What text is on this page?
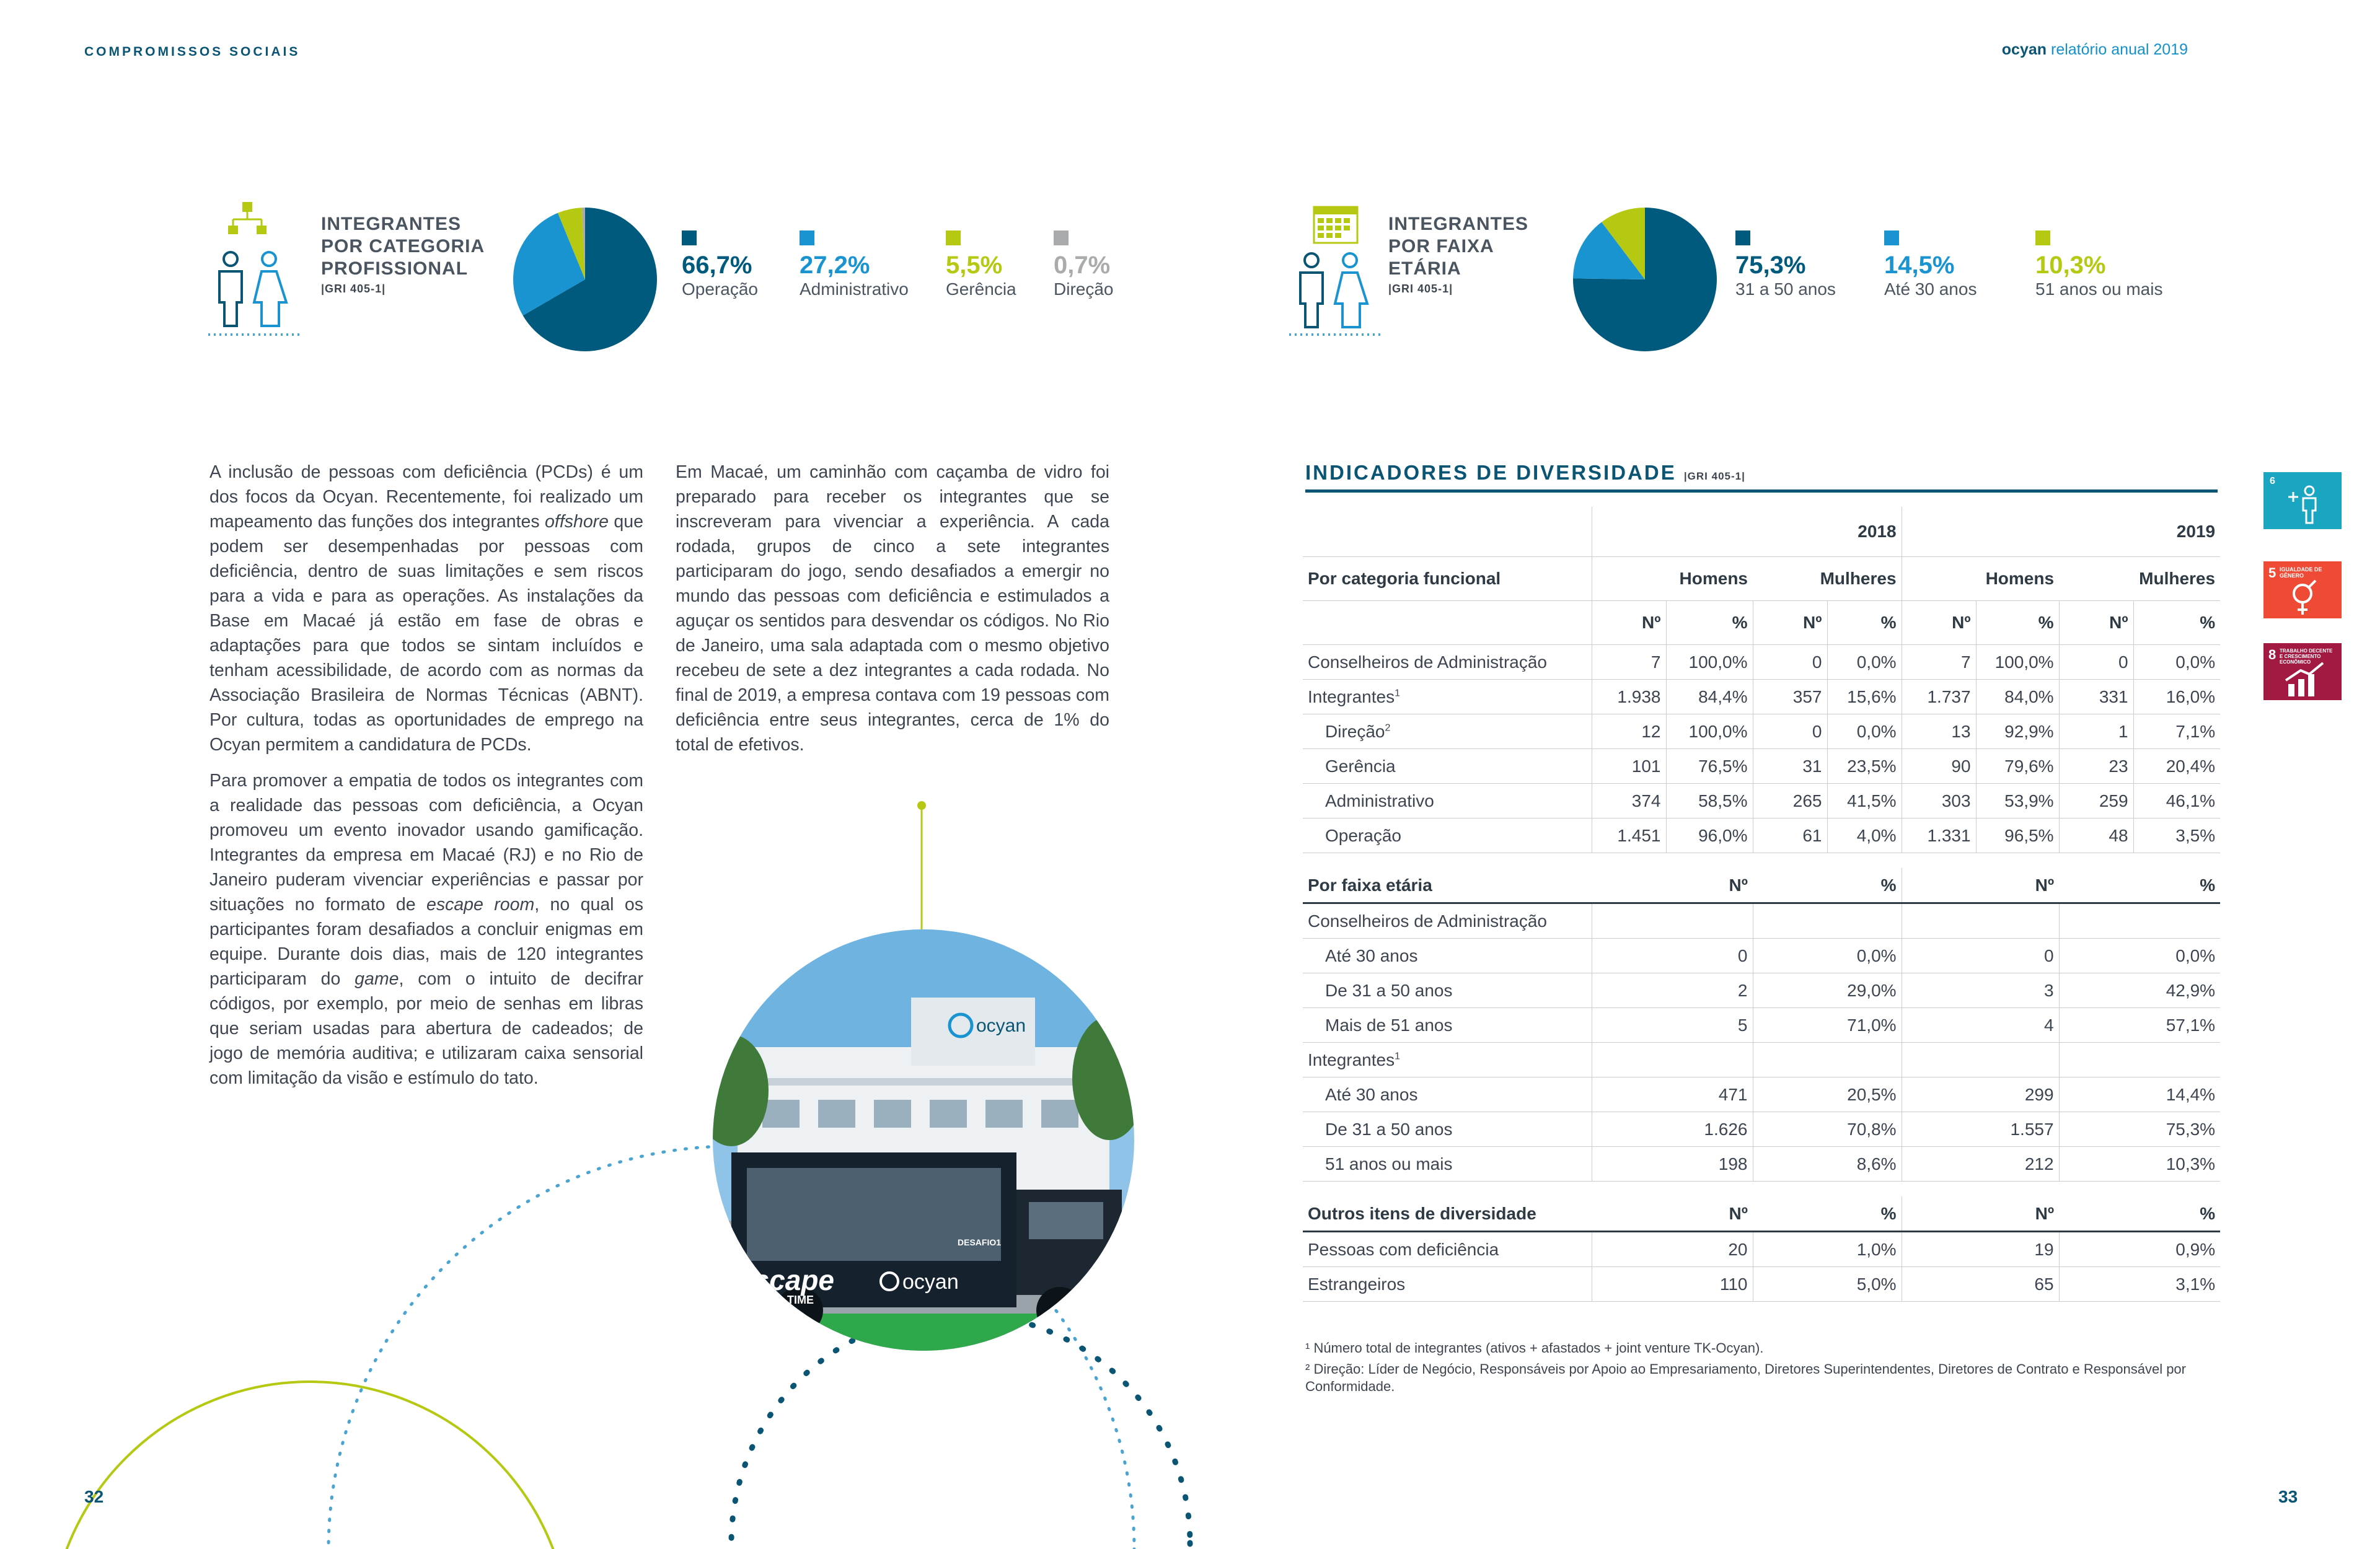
COMPROMISSOS SOCIAIS	ocyan relatório anual 2019
INTEGRANTES
POR CATEGORIA
PROFISSIONAL
|GRI 405-1|
66,7%
Operação
27,2%
Administrativo
5,5%
Gerência
0,7%
Direção
INTEGRANTES
POR FAIXA
ETÁRIA
|GRI 405-1|
75,3%
31 a 50 anos
14,5%
Até 30 anos
10,3%
51 anos ou mais

A inclusão de pessoas com deficiência (PCDs) é um dos focos da Ocyan. Recentemente, foi realizado um mapeamento das funções dos integrantes offshore que podem ser desempenhadas por pessoas com deficiência, dentro de suas limitações e sem riscos para a vida e para as operações. As instalações da Base em Macaé já estão em fase de obras e adaptações para que todos se sintam incluídos e tenham acessibilidade, de acordo com as normas da Associação Brasileira de Normas Técnicas (ABNT). Por cultura, todas as oportunidades de emprego na Ocyan permitem a candidatura de PCDs.

Para promover a empatia de todos os integrantes com a realidade das pessoas com deficiência, a Ocyan promoveu um evento inovador usando gamificação. Integrantes da empresa em Macaé (RJ) e no Rio de Janeiro puderam vivenciar experiências e passar por situações no formato de escape room, no qual os participantes foram desafiados a concluir enigmas em equipe. Durante dois dias, mais de 120 integrantes participaram do game, com o intuito de decifrar códigos, por exemplo, por meio de senhas em libras que seriam usadas para abertura de cadeados; de jogo de memória auditiva; e utilizaram caixa sensorial com limitação da visão e estímulo do tato.

Em Macaé, um caminhão com caçamba de vidro foi preparado para receber os integrantes que se inscreveram para vivenciar a experiência. A cada rodada, grupos de cinco a sete integrantes participaram do jogo, sendo desafiados a emergir no mundo das pessoas com deficiência e estimulados a aguçar os sentidos para desvendar os códigos. No Rio de Janeiro, uma sala adaptada com o mesmo objetivo recebeu de sete a dez integrantes a cada rodada. No final de 2019, a empresa contava com 19 pessoas com deficiência entre seus integrantes, cerca de 1% do total de efetivos.

ocyan
escape
TIME
ocyan
DESAFIO1
INDICADORES DE DIVERSIDADE |GRI 405-1|
	2018				2019			
Por categoria funcional	Homens		Mulheres		Homens		Mulheres	
	Nº	%	Nº	%	Nº	%	Nº	%
Conselheiros de Administração	7	100,0%	0	0,0%	7	100,0%	0	0,0%
Integrantes$^1$	1.938	84,4%	357	15,6%	1.737	84,0%	331	16,0%
Direção$^2$	12	100,0%	0	0,0%	13	92,9%	1	7,1%
Gerência	101	76,5%	31	23,5%	90	79,6%	23	20,4%
Administrativo	374	58,5%	265	41,5%	303	53,9%	259	46,1%
Operação	1.451	96,0%	61	4,0%	1.331	96,5%	48	3,5%

Por faixa etária	Nº		%		Nº		%	
Conselheiros de Administração								
Até 30 anos	0		0,0%		0		0,0%	
De 31 a 50 anos	2		29,0%		3		42,9%	
Mais de 51 anos	5		71,0%		4		57,1%	
Integrantes$^1$				
Até 30 anos	471		20,5%		299		14,4%	
De 31 a 50 anos	1.626		70,8%		1.557		75,3%	
51 anos ou mais	198		8,6%		212		10,3%	

Outros itens de diversidade	Nº		%		Nº		%	
Pessoas com deficiência	20		1,0%		19		0,9%	
Estrangeiros	110		5,0%		65		3,1%	
¹ Número total de integrantes (ativos + afastados + joint venture TK-Ocyan).
² Direção: Líder de Negócio, Responsáveis por Apoio ao Empresariamento, Diretores Superintendentes, Diretores de Contrato e Responsável por Conformidade.
6
5 IGUALDADE DE GÊNERO
8 TRABALHO DECENTE E CRESCIMENTO ECONÔMICO
32	33
